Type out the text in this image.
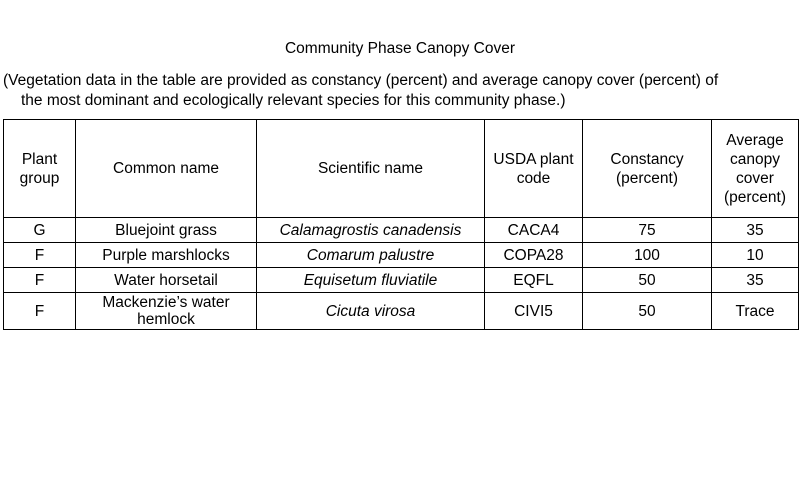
Community Phase Canopy Cover
(Vegetation data in the table are provided as constancy (percent) and average canopy cover (percent) of
the most dominant and ecologically relevant species for this community phase.)
Plant group	Common name	Scientific name	USDA plant code	Constancy (percent)	Average canopy cover (percent)
G	Bluejoint grass	Calamagrostis canadensis	CACA4	75	35
F	Purple marshlocks	Comarum palustre	COPA28	100	10
F	Water horsetail	Equisetum fluviatile	EQFL	50	35
F	Mackenzie’s water hemlock	Cicuta virosa	CIVI5	50	Trace
